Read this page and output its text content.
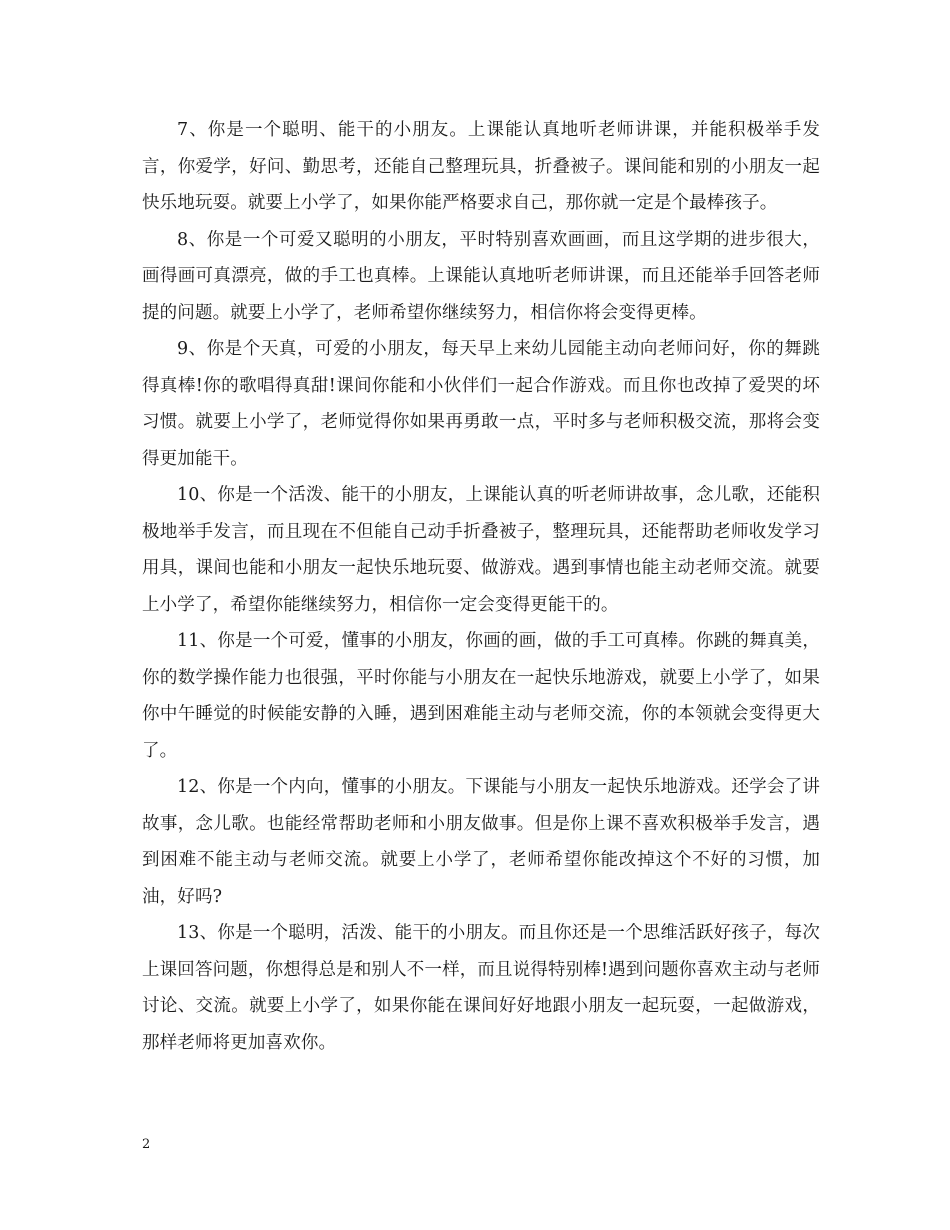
7、你是一个聪明、能干的小朋友。上课能认真地听老师讲课，并能积极举手发言，你爱学，好问、勤思考，还能自己整理玩具，折叠被子。课间能和别的小朋友一起快乐地玩耍。就要上小学了，如果你能严格要求自己，那你就一定是个最棒孩子。

8、你是一个可爱又聪明的小朋友，平时特别喜欢画画，而且这学期的进步很大，画得画可真漂亮，做的手工也真棒。上课能认真地听老师讲课，而且还能举手回答老师提的问题。就要上小学了，老师希望你继续努力，相信你将会变得更棒。

9、你是个天真，可爱的小朋友，每天早上来幼儿园能主动向老师问好，你的舞跳得真棒!你的歌唱得真甜!课间你能和小伙伴们一起合作游戏。而且你也改掉了爱哭的坏习惯。就要上小学了，老师觉得你如果再勇敢一点，平时多与老师积极交流，那将会变得更加能干。

10、你是一个活泼、能干的小朋友，上课能认真的听老师讲故事，念儿歌，还能积极地举手发言，而且现在不但能自己动手折叠被子，整理玩具，还能帮助老师收发学习用具，课间也能和小朋友一起快乐地玩耍、做游戏。遇到事情也能主动老师交流。就要上小学了，希望你能继续努力，相信你一定会变得更能干的。

11、你是一个可爱，懂事的小朋友，你画的画，做的手工可真棒。你跳的舞真美，你的数学操作能力也很强，平时你能与小朋友在一起快乐地游戏，就要上小学了，如果你中午睡觉的时候能安静的入睡，遇到困难能主动与老师交流，你的本领就会变得更大了。

12、你是一个内向，懂事的小朋友。下课能与小朋友一起快乐地游戏。还学会了讲故事，念儿歌。也能经常帮助老师和小朋友做事。但是你上课不喜欢积极举手发言，遇到困难不能主动与老师交流。就要上小学了，老师希望你能改掉这个不好的习惯，加油，好吗?

13、你是一个聪明，活泼、能干的小朋友。而且你还是一个思维活跃好孩子，每次上课回答问题，你想得总是和别人不一样，而且说得特别棒!遇到问题你喜欢主动与老师讨论、交流。就要上小学了，如果你能在课间好好地跟小朋友一起玩耍，一起做游戏，那样老师将更加喜欢你。

2
